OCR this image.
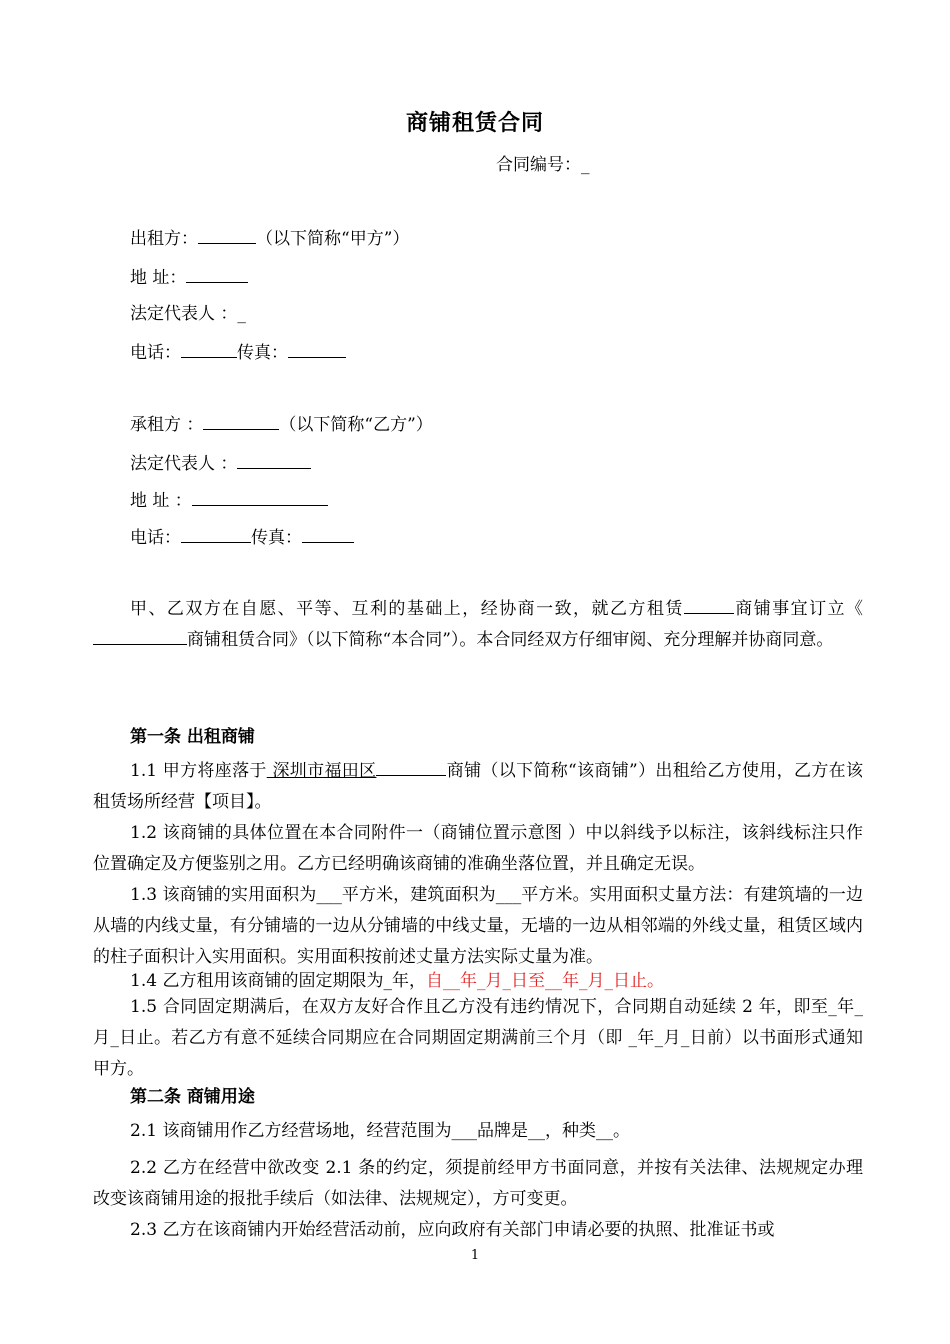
商铺租赁合同
合同编号：_
出租方：	（以下简称“甲方”）
地 址：
法定代表人 ：_
电话：	传真：
承租方 ：	（以下简称“乙方”）
法定代表人 ：
地 址 ：
电话：	传真：
甲、乙双方在自愿、平等、互利的基础上，经协商一致，就乙方租赁	商铺事宜订立《商铺租赁合同》（以下简称“本合同”）。本合同经双方仔细审阅、充分理解并协商同意。
第一条 出租商铺
1.1 甲方将座落于 深圳市福田区	商铺（以下简称“该商铺”）出租给乙方使用，乙方在该租赁场所经营【项目】。
1.2 该商铺的具体位置在本合同附件一（商铺位置示意图 ）中以斜线予以标注，该斜线标注只作位置确定及方便鉴别之用。乙方已经明确该商铺的准确坐落位置，并且确定无误。
1.3 该商铺的实用面积为___平方米，建筑面积为___平方米。实用面积丈量方法：有建筑墙的一边从墙的内线丈量，有分铺墙的一边从分铺墙的中线丈量，无墙的一边从相邻端的外线丈量，租赁区域内的柱子面积计入实用面积。实用面积按前述丈量方法实际丈量为准。
1.4 乙方租用该商铺的固定期限为_年，自__年_月_日至__年_月_日止。
1.5 合同固定期满后，在双方友好合作且乙方没有违约情况下，合同期自动延续 2 年，即至_年_月_日止。若乙方有意不延续合同期应在合同期固定期满前三个月（即 _年_月_日前）以书面形式通知甲方。
第二条 商铺用途
2.1 该商铺用作乙方经营场地，经营范围为___品牌是__，种类__。
2.2 乙方在经营中欲改变 2.1 条的约定，须提前经甲方书面同意，并按有关法律、法规规定办理改变该商铺用途的报批手续后（如法律、法规规定），方可变更。
2.3 乙方在该商铺内开始经营活动前，应向政府有关部门申请必要的执照、批准证书或
1
